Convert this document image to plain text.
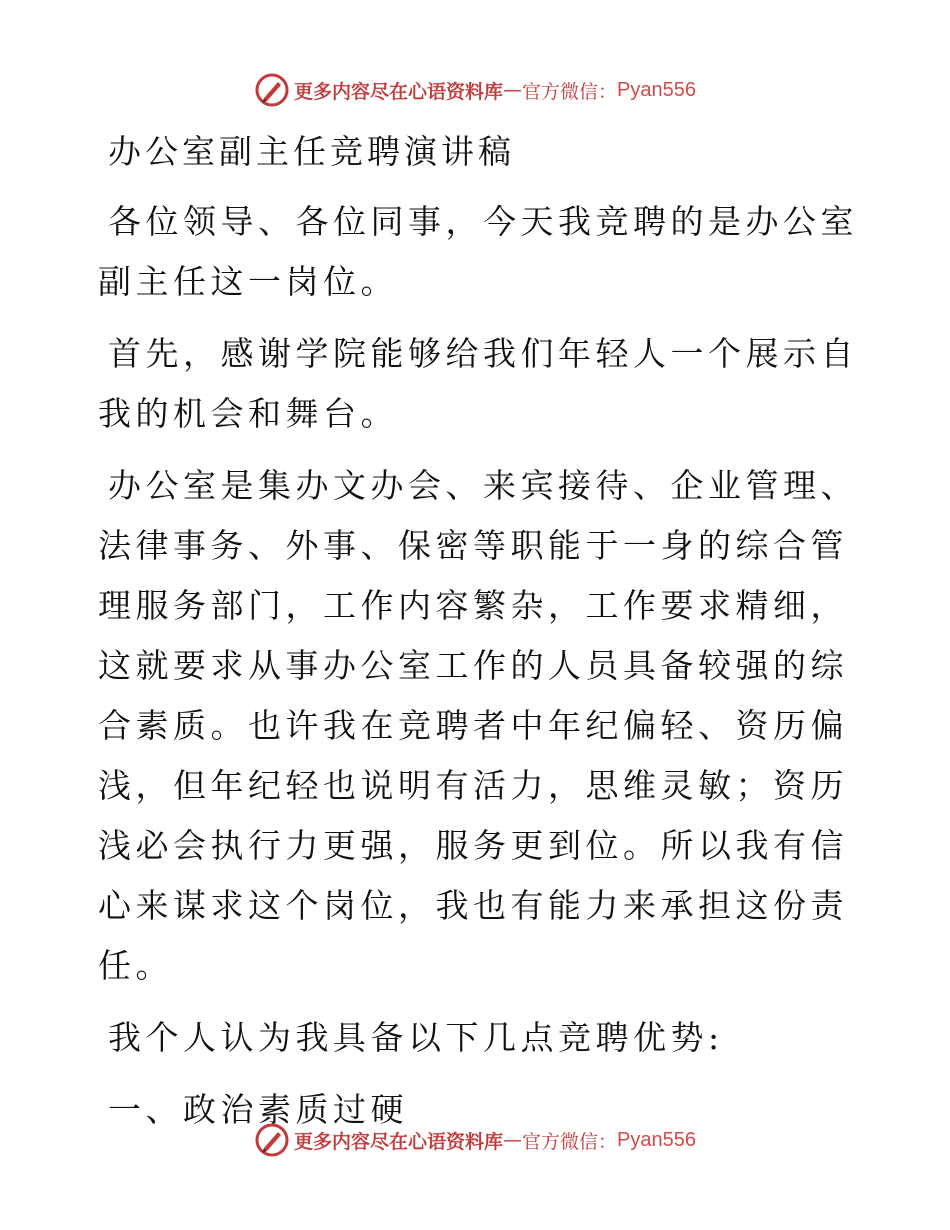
更多内容尽在心语资料库 — 官方微信： Pyan556
办公室副主任竞聘演讲稿

各位领导、各位同事，今天我竞聘的是办公室副主任这一岗位。

首先，感谢学院能够给我们年轻人一个展示自我的机会和舞台。

办公室是集办文办会、来宾接待、企业管理、法律事务、外事、保密等职能于一身的综合管理服务部门，工作内容繁杂，工作要求精细，这就要求从事办公室工作的人员具备较强的综合素质。也许我在竞聘者中年纪偏轻、资历偏浅，但年纪轻也说明有活力，思维灵敏；资历浅必会执行力更强，服务更到位。所以我有信心来谋求这个岗位，我也有能力来承担这份责任。

我个人认为我具备以下几点竞聘优势:

一、政治素质过硬
更多内容尽在心语资料库 — 官方微信： Pyan556
